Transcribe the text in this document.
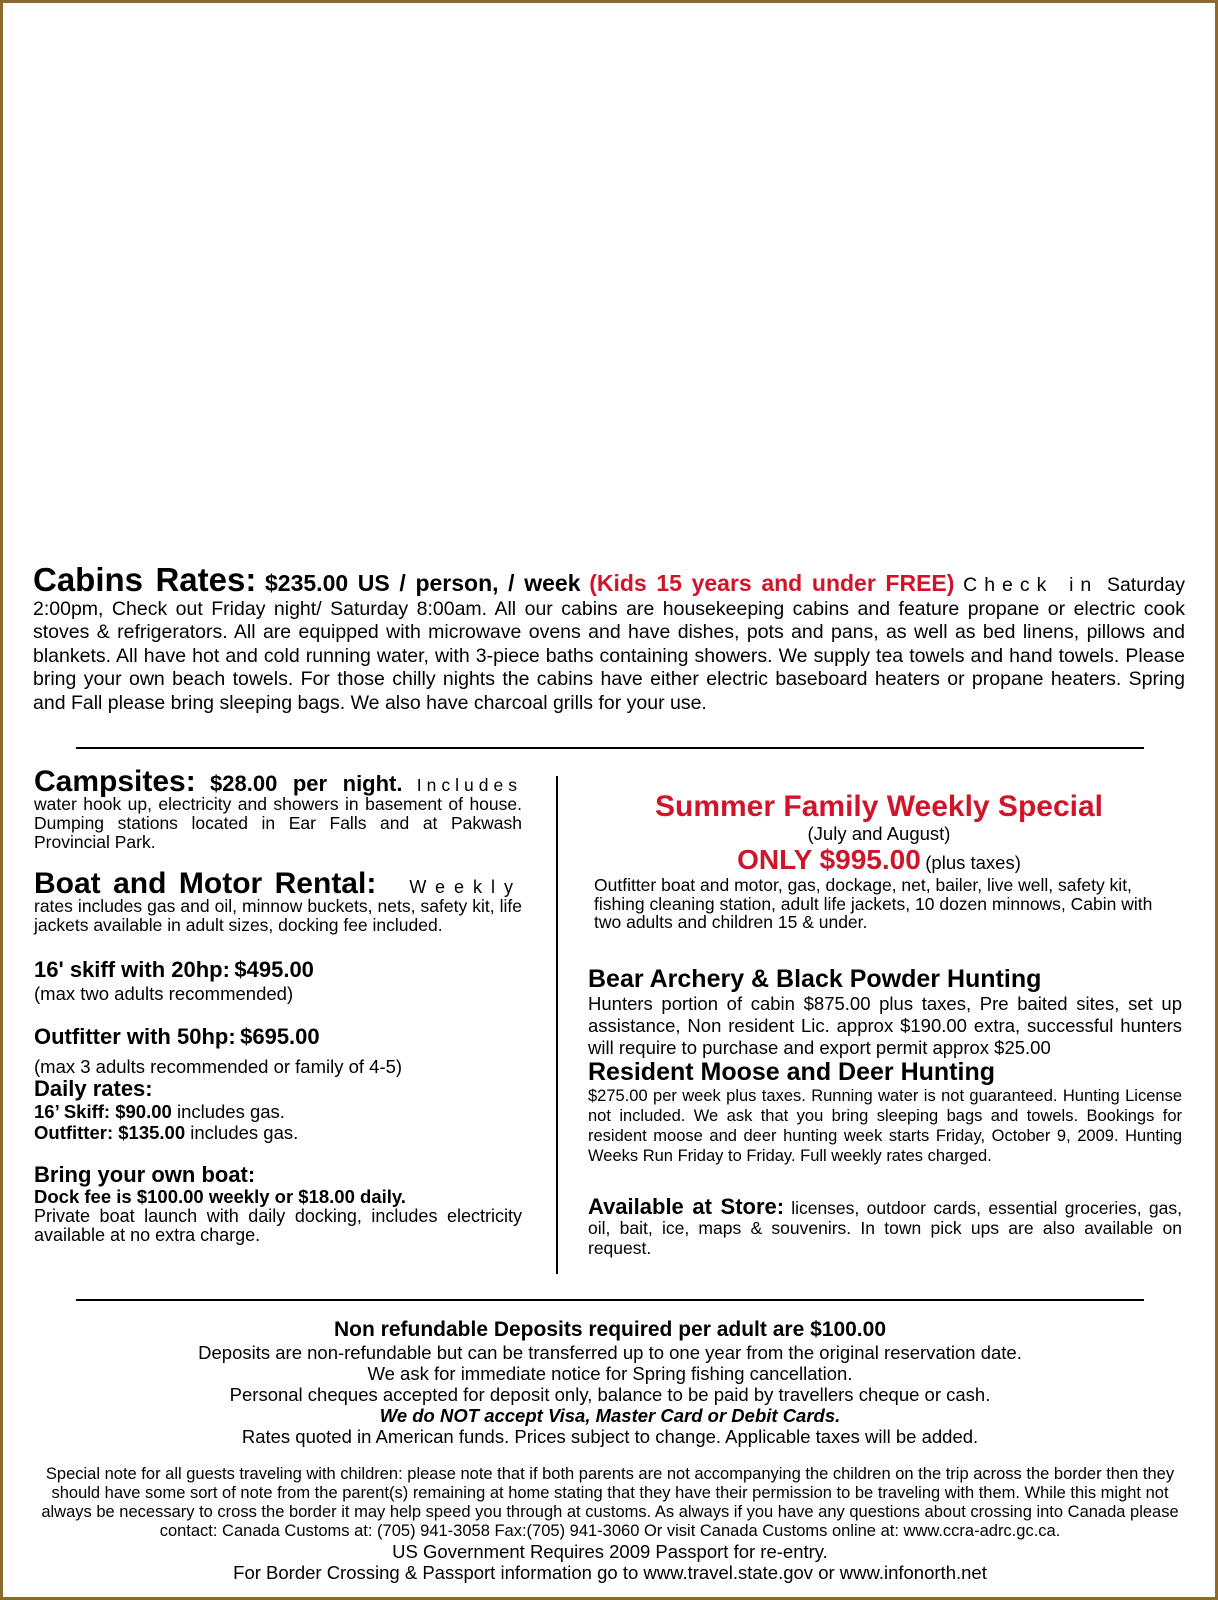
Cabins Rates: $235.00 US / person, / week (Kids 15 years and under FREE) Check in Saturday 2:00pm, Check out Friday night/ Saturday 8:00am. All our cabins are housekeeping cabins and feature propane or electric cook stoves & refrigerators. All are equipped with microwave ovens and have dishes, pots and pans, as well as bed linens, pillows and blankets. All have hot and cold running water, with 3-piece baths containing showers. We supply tea towels and hand towels. Please bring your own beach towels. For those chilly nights the cabins have either electric baseboard heaters or propane heaters. Spring and Fall please bring sleeping bags. We also have charcoal grills for your use.

Campsites: $28.00 per night. Includes water hook up, electricity and showers in basement of house. Dumping stations located in Ear Falls and at Pakwash Provincial Park.

Boat and Motor Rental: Weekly rates includes gas and oil, minnow buckets, nets, safety kit, life jackets available in adult sizes, docking fee included.

16' skiff with 20hp: $495.00

(max two adults recommended)

Outfitter with 50hp: $695.00

(max 3 adults recommended or family of 4-5)

Daily rates:

16’ Skiff: $90.00 includes gas.

Outfitter: $135.00 includes gas.

Bring your own boat:

Dock fee is $100.00 weekly or $18.00 daily.

Private boat launch with daily docking, includes electricity available at no extra charge.

Summer Family Weekly Special
(July and August)
ONLY $995.00 (plus taxes)
Outfitter boat and motor, gas, dockage, net, bailer, live well, safety kit, fishing cleaning station, adult life jackets, 10 dozen minnows, Cabin with two adults and children 15 & under.

Bear Archery & Black Powder Hunting

Hunters portion of cabin $875.00 plus taxes, Pre baited sites, set up assistance, Non resident Lic. approx $190.00 extra, successful hunters will require to purchase and export permit approx $25.00

Resident Moose and Deer Hunting

$275.00 per week plus taxes. Running water is not guaranteed. Hunting License not included. We ask that you bring sleeping bags and towels. Bookings for resident moose and deer hunting week starts Friday, October 9, 2009. Hunting Weeks Run Friday to Friday. Full weekly rates charged.

Available at Store: licenses, outdoor cards, essential groceries, gas, oil, bait, ice, maps & souvenirs. In town pick ups are also available on request.

Non refundable Deposits required per adult are $100.00

Deposits are non-refundable but can be transferred up to one year from the original reservation date.

We ask for immediate notice for Spring fishing cancellation.

Personal cheques accepted for deposit only, balance to be paid by travellers cheque or cash.

We do NOT accept Visa, Master Card or Debit Cards.

Rates quoted in American funds. Prices subject to change. Applicable taxes will be added.

Special note for all guests traveling with children: please note that if both parents are not accompanying the children on the trip across the border then they should have some sort of note from the parent(s) remaining at home stating that they have their permission to be traveling with them. While this might not always be necessary to cross the border it may help speed you through at customs. As always if you have any questions about crossing into Canada please contact: Canada Customs at: (705) 941-3058 Fax:(705) 941-3060 Or visit Canada Customs online at: www.ccra-adrc.gc.ca.

US Government Requires 2009 Passport for re-entry.

For Border Crossing & Passport information go to www.travel.state.gov or www.infonorth.net
